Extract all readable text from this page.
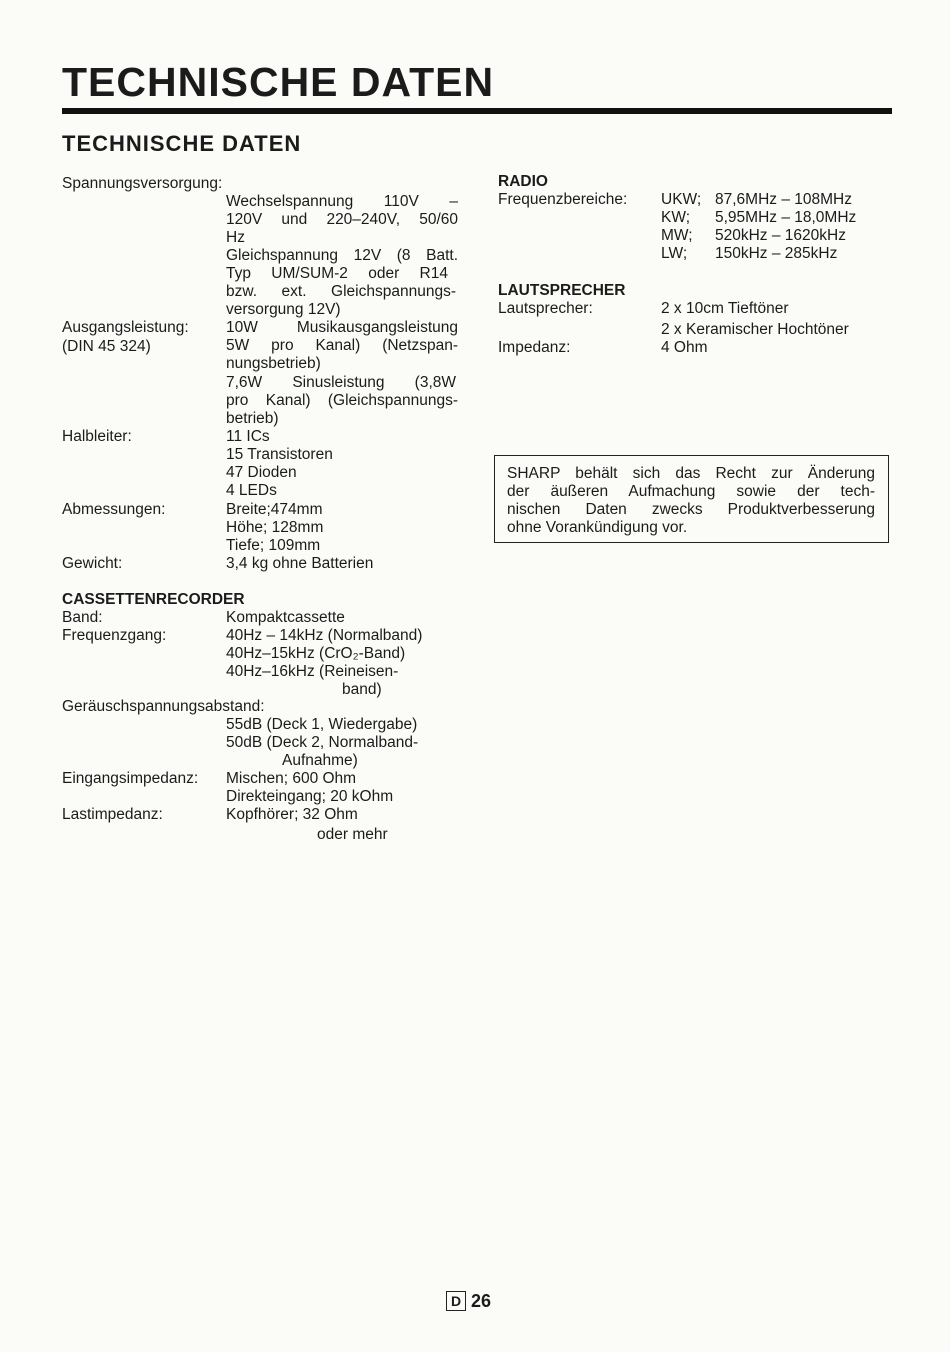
TECHNISCHE DATEN
TECHNISCHE DATEN
Spannungsversorgung:
Wechselspannung 110V –
120V und 220–240V, 50/60
Hz
Gleichspannung 12V (8 Batt.
Typ UM/SUM-2 oder R14
bzw. ext. Gleichspannungs-
versorgung 12V)
Ausgangsleistung:
(DIN 45 324)
10W Musikausgangsleistung
5W pro Kanal) (Netzspan-
nungsbetrieb)
7,6W Sinusleistung (3,8W
pro Kanal) (Gleichspannungs-
betrieb)
Halbleiter:	11 ICs
15 Transistoren
47 Dioden
4 LEDs
Abmessungen:	Breite;474mm
Höhe; 128mm
Tiefe; 109mm
Gewicht:	3,4 kg ohne Batterien
CASSETTENRECORDER
Band:	Kompaktcassette
Frequenzgang:	40Hz – 14kHz (Normalband)
40Hz–15kHz (CrO₂-Band)
40Hz–16kHz (Reineisen-
band)
Geräuschspannungsabstand:
55dB (Deck 1, Wiedergabe)
50dB (Deck 2, Normalband-
Aufnahme)
Eingangsimpedanz: Mischen; 600 Ohm
Direkteingang; 20 kOhm
Lastimpedanz:	Kopfhörer; 32 Ohm
oder mehr
RADIO
Frequenzbereiche: UKW; 87,6MHz – 108MHz
KW; 5,95MHz – 18,0MHz
MW; 520kHz – 1620kHz
LW; 150kHz – 285kHz
LAUTSPRECHER
Lautsprecher:	2 x 10cm Tieftöner
2 x Keramischer Hochtöner
Impedanz:	4 Ohm
SHARP behält sich das Recht zur Änderung
der äußeren Aufmachung sowie der tech-
nischen Daten zwecks Produktverbesserung
ohne Vorankündigung vor.
D 26
